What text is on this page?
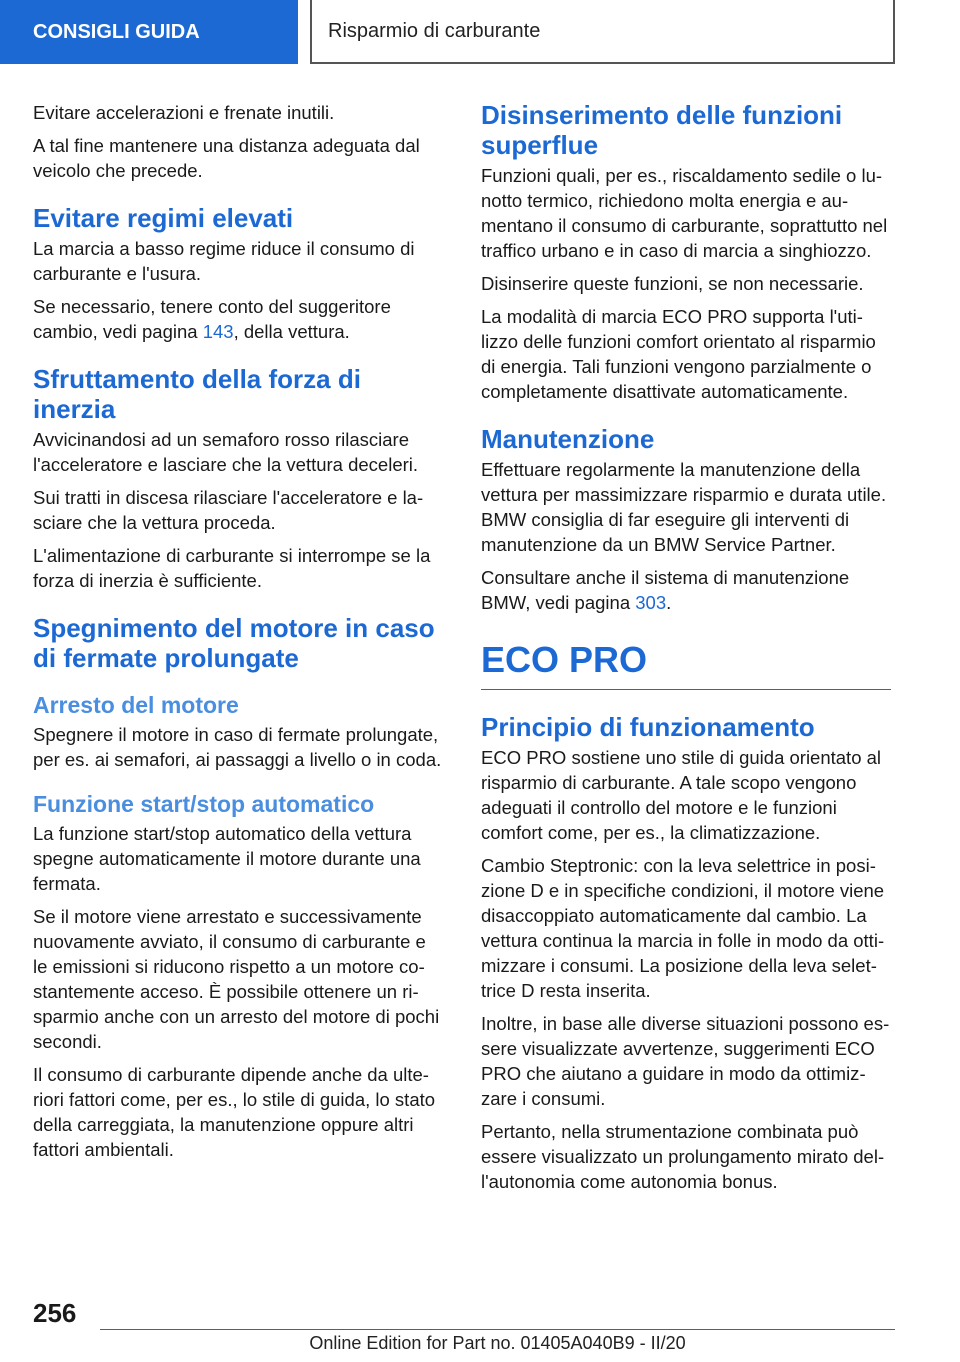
CONSIGLI GUIDA	Risparmio di carburante

Evitare accelerazioni e frenate inutili.

A tal fine mantenere una distanza adeguata dal veicolo che precede.

Evitare regimi elevati

La marcia a basso regime riduce il consumo di carburante e l'usura.

Se necessario, tenere conto del suggeritore cambio, vedi pagina 143, della vettura.

Sfruttamento della forza di inerzia

Avvicinandosi ad un semaforo rosso rilasciare l'acceleratore e lasciare che la vettura deceleri.

Sui tratti in discesa rilasciare l'acceleratore e lasciare che la vettura proceda.

L'alimentazione di carburante si interrompe se la forza di inerzia è sufficiente.

Spegnimento del motore in caso di fermate prolungate
Arresto del motore

Spegnere il motore in caso di fermate prolungate, per es. ai semafori, ai passaggi a livello o in coda.

Funzione start/stop automatico

La funzione start/stop automatico della vettura spegne automaticamente il motore durante una fermata.

Se il motore viene arrestato e successivamente nuovamente avviato, il consumo di carburante e le emissioni si riducono rispetto a un motore costantemente acceso. È possibile ottenere un risparmio anche con un arresto del motore di pochi secondi.

Il consumo di carburante dipende anche da ulteriori fattori come, per es., lo stile di guida, lo stato della carreggiata, la manutenzione oppure altri fattori ambientali.

Disinserimento delle funzioni superflue

Funzioni quali, per es., riscaldamento sedile o lunotto termico, richiedono molta energia e aumentano il consumo di carburante, soprattutto nel traffico urbano e in caso di marcia a singhiozzo.

Disinserire queste funzioni, se non necessarie.

La modalità di marcia ECO PRO supporta l'utilizzo delle funzioni comfort orientato al risparmio di energia. Tali funzioni vengono parzialmente o completamente disattivate automaticamente.

Manutenzione

Effettuare regolarmente la manutenzione della vettura per massimizzare risparmio e durata utile. BMW consiglia di far eseguire gli interventi di manutenzione da un BMW Service Partner.

Consultare anche il sistema di manutenzione BMW, vedi pagina 303.

ECO PRO
Principio di funzionamento

ECO PRO sostiene uno stile di guida orientato al risparmio di carburante. A tale scopo vengono adeguati il controllo del motore e le funzioni comfort come, per es., la climatizzazione.

Cambio Steptronic: con la leva selettrice in posizione D e in specifiche condizioni, il motore viene disaccoppiato automaticamente dal cambio. La vettura continua la marcia in folle in modo da ottimizzare i consumi. La posizione della leva selettrice D resta inserita.

Inoltre, in base alle diverse situazioni possono essere visualizzate avvertenze, suggerimenti ECO PRO che aiutano a guidare in modo da ottimizzare i consumi.

Pertanto, nella strumentazione combinata può essere visualizzato un prolungamento mirato dell'autonomia come autonomia bonus.

256
Online Edition for Part no. 01405A040B9 - II/20
